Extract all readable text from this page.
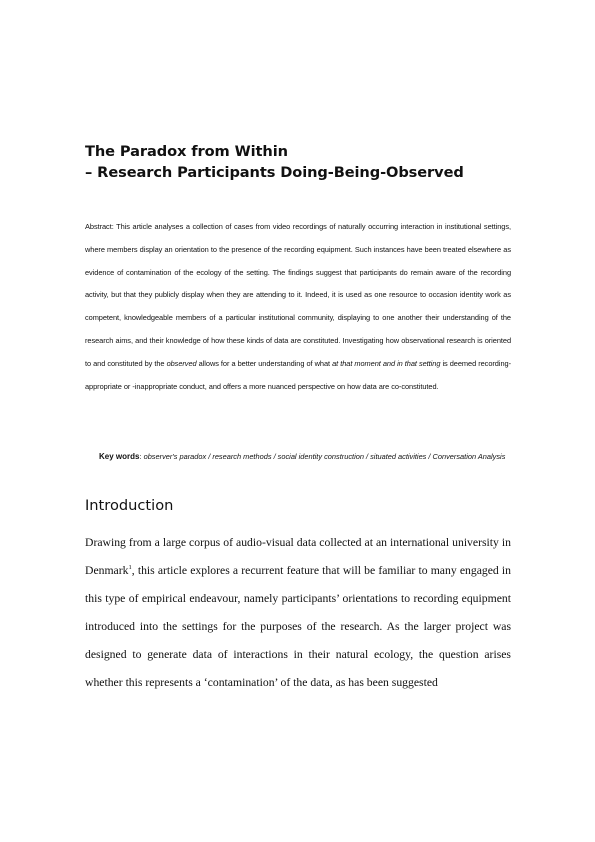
The Paradox from Within
– Research Participants Doing-Being-Observed
Abstract: This article analyses a collection of cases from video recordings of naturally occurring interaction in institutional settings, where members display an orientation to the presence of the recording equipment. Such instances have been treated elsewhere as evidence of contamination of the ecology of the setting. The findings suggest that participants do remain aware of the recording activity, but that they publicly display when they are attending to it. Indeed, it is used as one resource to occasion identity work as competent, knowledgeable members of a particular institutional community, displaying to one another their understanding of the research aims, and their knowledge of how these kinds of data are constituted. Investigating how observational research is oriented to and constituted by the observed allows for a better understanding of what at that moment and in that setting is deemed recording-appropriate or -inappropriate conduct, and offers a more nuanced perspective on how data are co-constituted.
Key words: observer's paradox / research methods / social identity construction / situated activities / Conversation Analysis
Introduction
Drawing from a large corpus of audio-visual data collected at an international university in Denmark$^1$, this article explores a recurrent feature that will be familiar to many engaged in this type of empirical endeavour, namely participants’ orientations to recording equipment introduced into the settings for the purposes of the research. As the larger project was designed to generate data of interactions in their natural ecology, the question arises whether this represents a ‘contamination’ of the data, as has been suggested
